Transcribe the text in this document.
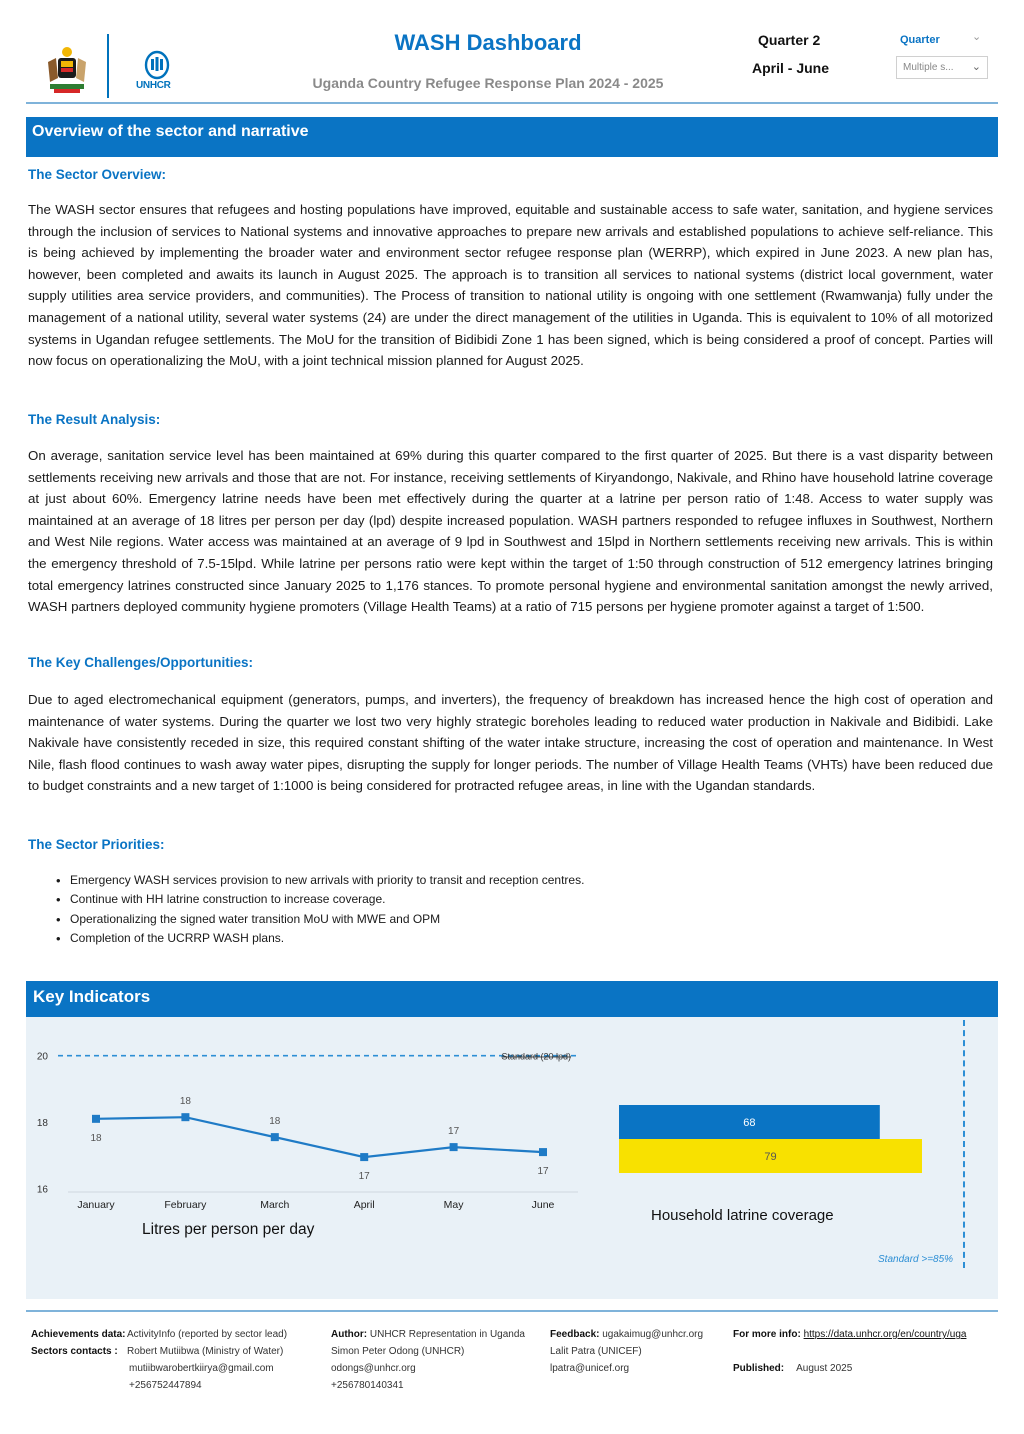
UNHCR
WASH Dashboard
Uganda Country Refugee Response Plan 2024 - 2025
Quarter 2
April - June
Quarter	⌄
Multiple s... ⌄
Overview of the sector and narrative
The Sector Overview:

The WASH sector ensures that refugees and hosting populations have improved, equitable and sustainable access to safe water, sanitation, and hygiene services through the inclusion of services to National systems and innovative approaches to prepare new arrivals and established populations to achieve self-reliance. This is being achieved by implementing the broader water and environment sector refugee response plan (WERRP), which expired in June 2023. A new plan has, however, been completed and awaits its launch in August 2025. The approach is to transition all services to national systems (district local government, water supply utilities area service providers, and communities). The Process of transition to national utility is ongoing with one settlement (Rwamwanja) fully under the management of a national utility, several water systems (24) are under the direct management of the utilities in Uganda. This is equivalent to 10% of all motorized systems in Ugandan refugee settlements. The MoU for the transition of Bidibidi Zone 1 has been signed, which is being considered a proof of concept. Parties will now focus on operationalizing the MoU, with a joint technical mission planned for August 2025.

The Result Analysis:

On average, sanitation service level has been maintained at 69% during this quarter compared to the first quarter of 2025. But there is a vast disparity between settlements receiving new arrivals and those that are not. For instance, receiving settlements of Kiryandongo, Nakivale, and Rhino have household latrine coverage at just about 60%. Emergency latrine needs have been met effectively during the quarter at a latrine per person ratio of 1:48. Access to water supply was maintained at an average of 18 litres per person per day (lpd) despite increased population. WASH partners responded to refugee influxes in Southwest, Northern and West Nile regions. Water access was maintained at an average of 9 lpd in Southwest and 15lpd in Northern settlements receiving new arrivals. This is within the emergency threshold of 7.5-15lpd. While latrine per persons ratio were kept within the target of 1:50 through construction of 512 emergency latrines bringing total emergency latrines constructed since January 2025 to 1,176 stances. To promote personal hygiene and environmental sanitation amongst the newly arrived, WASH partners deployed community hygiene promoters (Village Health Teams) at a ratio of 715 persons per hygiene promoter against a target of 1:500.

The Key Challenges/Opportunities:

Due to aged electromechanical equipment (generators, pumps, and inverters), the frequency of breakdown has increased hence the high cost of operation and maintenance of water systems. During the quarter we lost two very highly strategic boreholes leading to reduced water production in Nakivale and Bidibidi. Lake Nakivale have consistently receded in size, this required constant shifting of the water intake structure, increasing the cost of operation and maintenance. In West Nile, flash flood continues to wash away water pipes, disrupting the supply for longer periods. The number of Village Health Teams (VHTs) have been reduced due to budget constraints and a new target of 1:1000 is being considered for protracted refugee areas, in line with the Ugandan standards.

The Sector Priorities:
• Emergency WASH services provision to new arrivals with priority to transit and reception centres.
• Continue with HH latrine construction to increase coverage.
• Operationalizing the signed water transition MoU with MWE and OPM
• Completion of the UCRRP WASH plans.
Key Indicators
16
18
20	Standard (20 lpd)
18
January
18
February
18
March
17
April
17
May
17
June
Litres per person per day
68
79
Household latrine coverage
Standard >=85%
Achievements data: ActivityInfo (reported by sector lead)
Sectors contacts : Robert Mutiibwa (Ministry of Water)
mutiibwarobertkiirya@gmail.com
+256752447894
Author: UNHCR Representation in Uganda
Simon Peter Odong (UNHCR)
odongs@unhcr.org
+256780140341
Feedback: ugakaimug@unhcr.org
Lalit Patra (UNICEF)
lpatra@unicef.org
For more info: https://data.unhcr.org/en/country/uga
Published: August 2025
